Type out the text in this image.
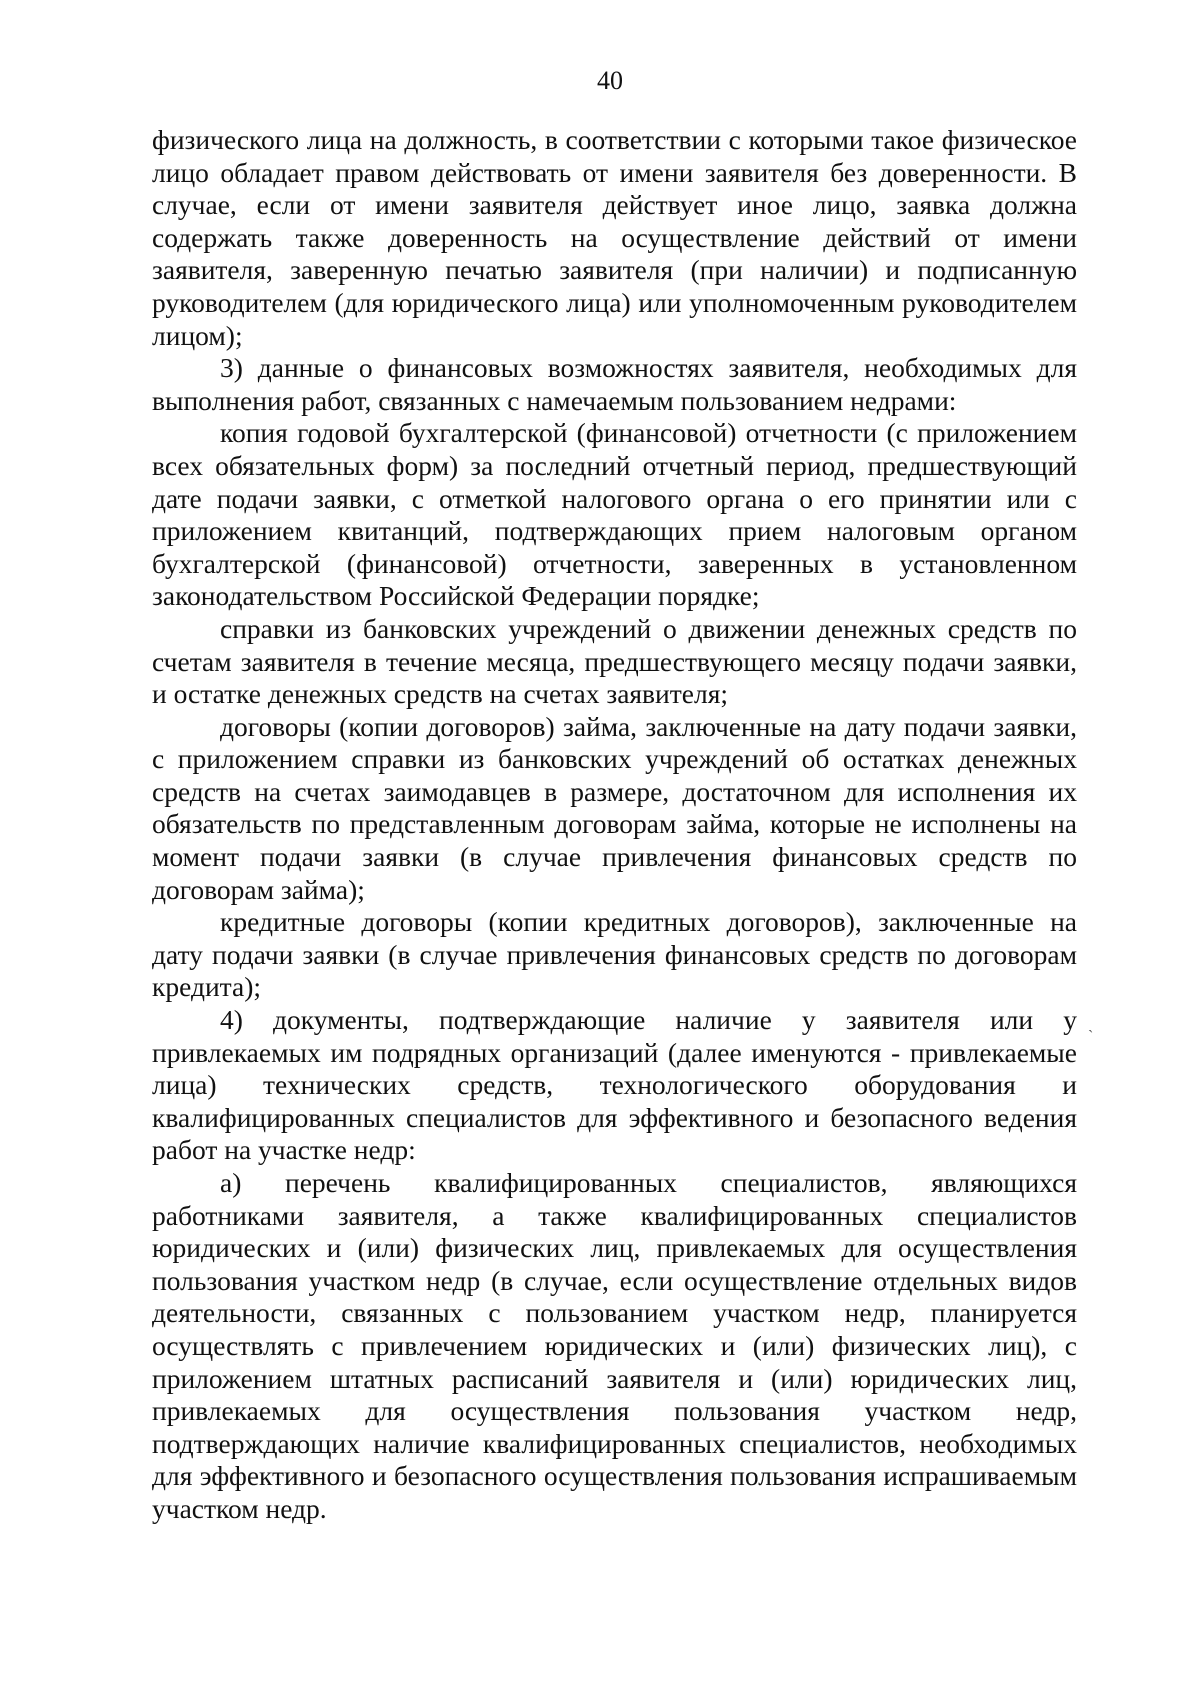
40

физического лица на должность, в соответствии с которыми такое физическое лицо обладает правом действовать от имени заявителя без доверенности. В случае, если от имени заявителя действует иное лицо, заявка должна содержать также доверенность на осуществление действий от имени заявителя, заверенную печатью заявителя (при наличии) и подписанную руководителем (для юридического лица) или уполномоченным руководителем лицом);

3) данные о финансовых возможностях заявителя, необходимых для выполнения работ, связанных с намечаемым пользованием недрами:

копия годовой бухгалтерской (финансовой) отчетности (с приложением всех обязательных форм) за последний отчетный период, предшествующий дате подачи заявки, с отметкой налогового органа о его принятии или с приложением квитанций, подтверждающих прием налоговым органом бухгалтерской (финансовой) отчетности, заверенных в установленном законодательством Российской Федерации порядке;

справки из банковских учреждений о движении денежных средств по счетам заявителя в течение месяца, предшествующего месяцу подачи заявки, и остатке денежных средств на счетах заявителя;

договоры (копии договоров) займа, заключенные на дату подачи заявки, с приложением справки из банковских учреждений об остатках денежных средств на счетах заимодавцев в размере, достаточном для исполнения их обязательств по представленным договорам займа, которые не исполнены на момент подачи заявки (в случае привлечения финансовых средств по договорам займа);

кредитные договоры (копии кредитных договоров), заключенные на дату подачи заявки (в случае привлечения финансовых средств по договорам кредита);

4) документы, подтверждающие наличие у заявителя или у привлекаемых им подрядных организаций (далее именуются - привлекаемые лица) технических средств, технологического оборудования и квалифицированных специалистов для эффективного и безопасного ведения работ на участке недр:

а) перечень квалифицированных специалистов, являющихся работниками заявителя, а также квалифицированных специалистов юридических и (или) физических лиц, привлекаемых для осуществления пользования участком недр (в случае, если осуществление отдельных видов деятельности, связанных с пользованием участком недр, планируется осуществлять с привлечением юридических и (или) физических лиц), с приложением штатных расписаний заявителя и (или) юридических лиц, привлекаемых для осуществления пользования участком недр, подтверждающих наличие квалифицированных специалистов, необходимых для эффективного и безопасного осуществления пользования испрашиваемым участком недр.

ˋ
